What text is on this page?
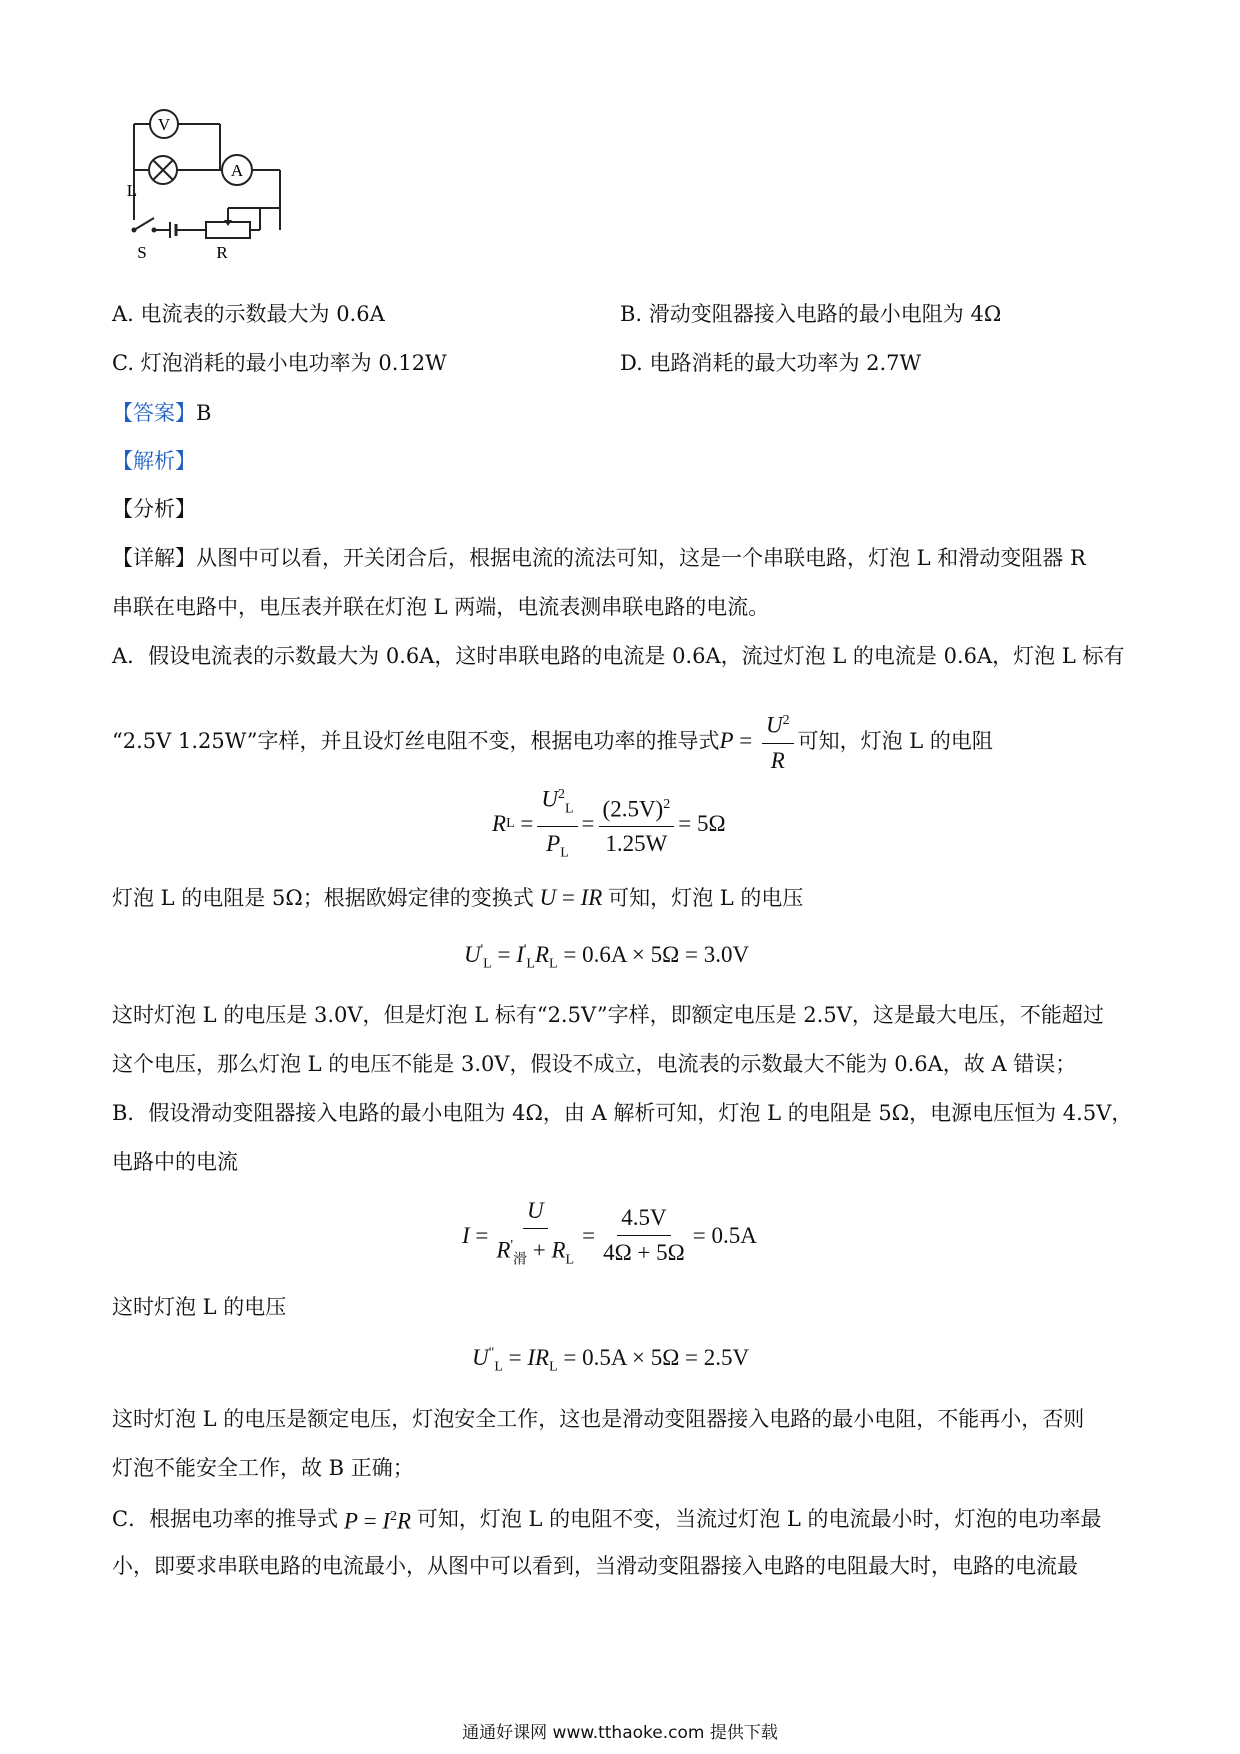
V
A
L
S	R
A. 电流表的示数最大为 0.6A	B. 滑动变阻器接入电路的最小电阻为 4Ω
C. 灯泡消耗的最小电功率为 0.12W	D. 电路消耗的最大功率为 2.7W
【答案】B
【解析】
【分析】
【详解】从图中可以看，开关闭合后，根据电流的流法可知，这是一个串联电路，灯泡 L 和滑动变阻器 R
串联在电路中，电压表并联在灯泡 L 两端，电流表测串联电路的电流。
A．假设电流表的示数最大为 0.6A，这时串联电路的电流是 0.6A，流过灯泡 L 的电流是 0.6A，灯泡 L 标有
“2.5V 1.25W”字样，并且设灯丝电阻不变，根据电功率的推导式 $P = \frac{U^2}{R}$ 可知，灯泡 L 的电阻
R $L = \frac{U^2_L}{P_L} = \frac{(2.5V)^2}{1.25W} = 5\Omega$
灯泡 L 的电阻是 5Ω；根据欧姆定律的变换式 U = IR 可知，灯泡 L 的电压
$U'_L = I'_LR_L = 0.6A \times 5\Omega = 3.0V$
这时灯泡 L 的电压是 3.0V，但是灯泡 L 标有“2.5V”字样，即额定电压是 2.5V，这是最大电压，不能超过
这个电压，那么灯泡 L 的电压不能是 3.0V，假设不成立，电流表的示数最大不能为 0.6A，故 A 错误；
B．假设滑动变阻器接入电路的最小电阻为 4Ω，由 A 解析可知，灯泡 L 的电阻是 5Ω，电源电压恒为 4.5V，
电路中的电流
$I = \frac{U}{R'_滑 + R_L} = \frac{4.5V}{4\Omega + 5\Omega} = 0.5A$
这时灯泡 L 的电压
$U^"_L = IR_L = 0.5A \times 5\Omega = 2.5V$
这时灯泡 L 的电压是额定电压，灯泡安全工作，这也是滑动变阻器接入电路的最小电阻，不能再小，否则
灯泡不能安全工作，故 B 正确；
C．根据电功率的推导式 $P = I^2R$ 可知，灯泡 L 的电阻不变，当流过灯泡 L 的电流最小时，灯泡的电功率最
小，即要求串联电路的电流最小，从图中可以看到，当滑动变阻器接入电路的电阻最大时，电路的电流最
通通好课网 www.tthaoke.com 提供下载
